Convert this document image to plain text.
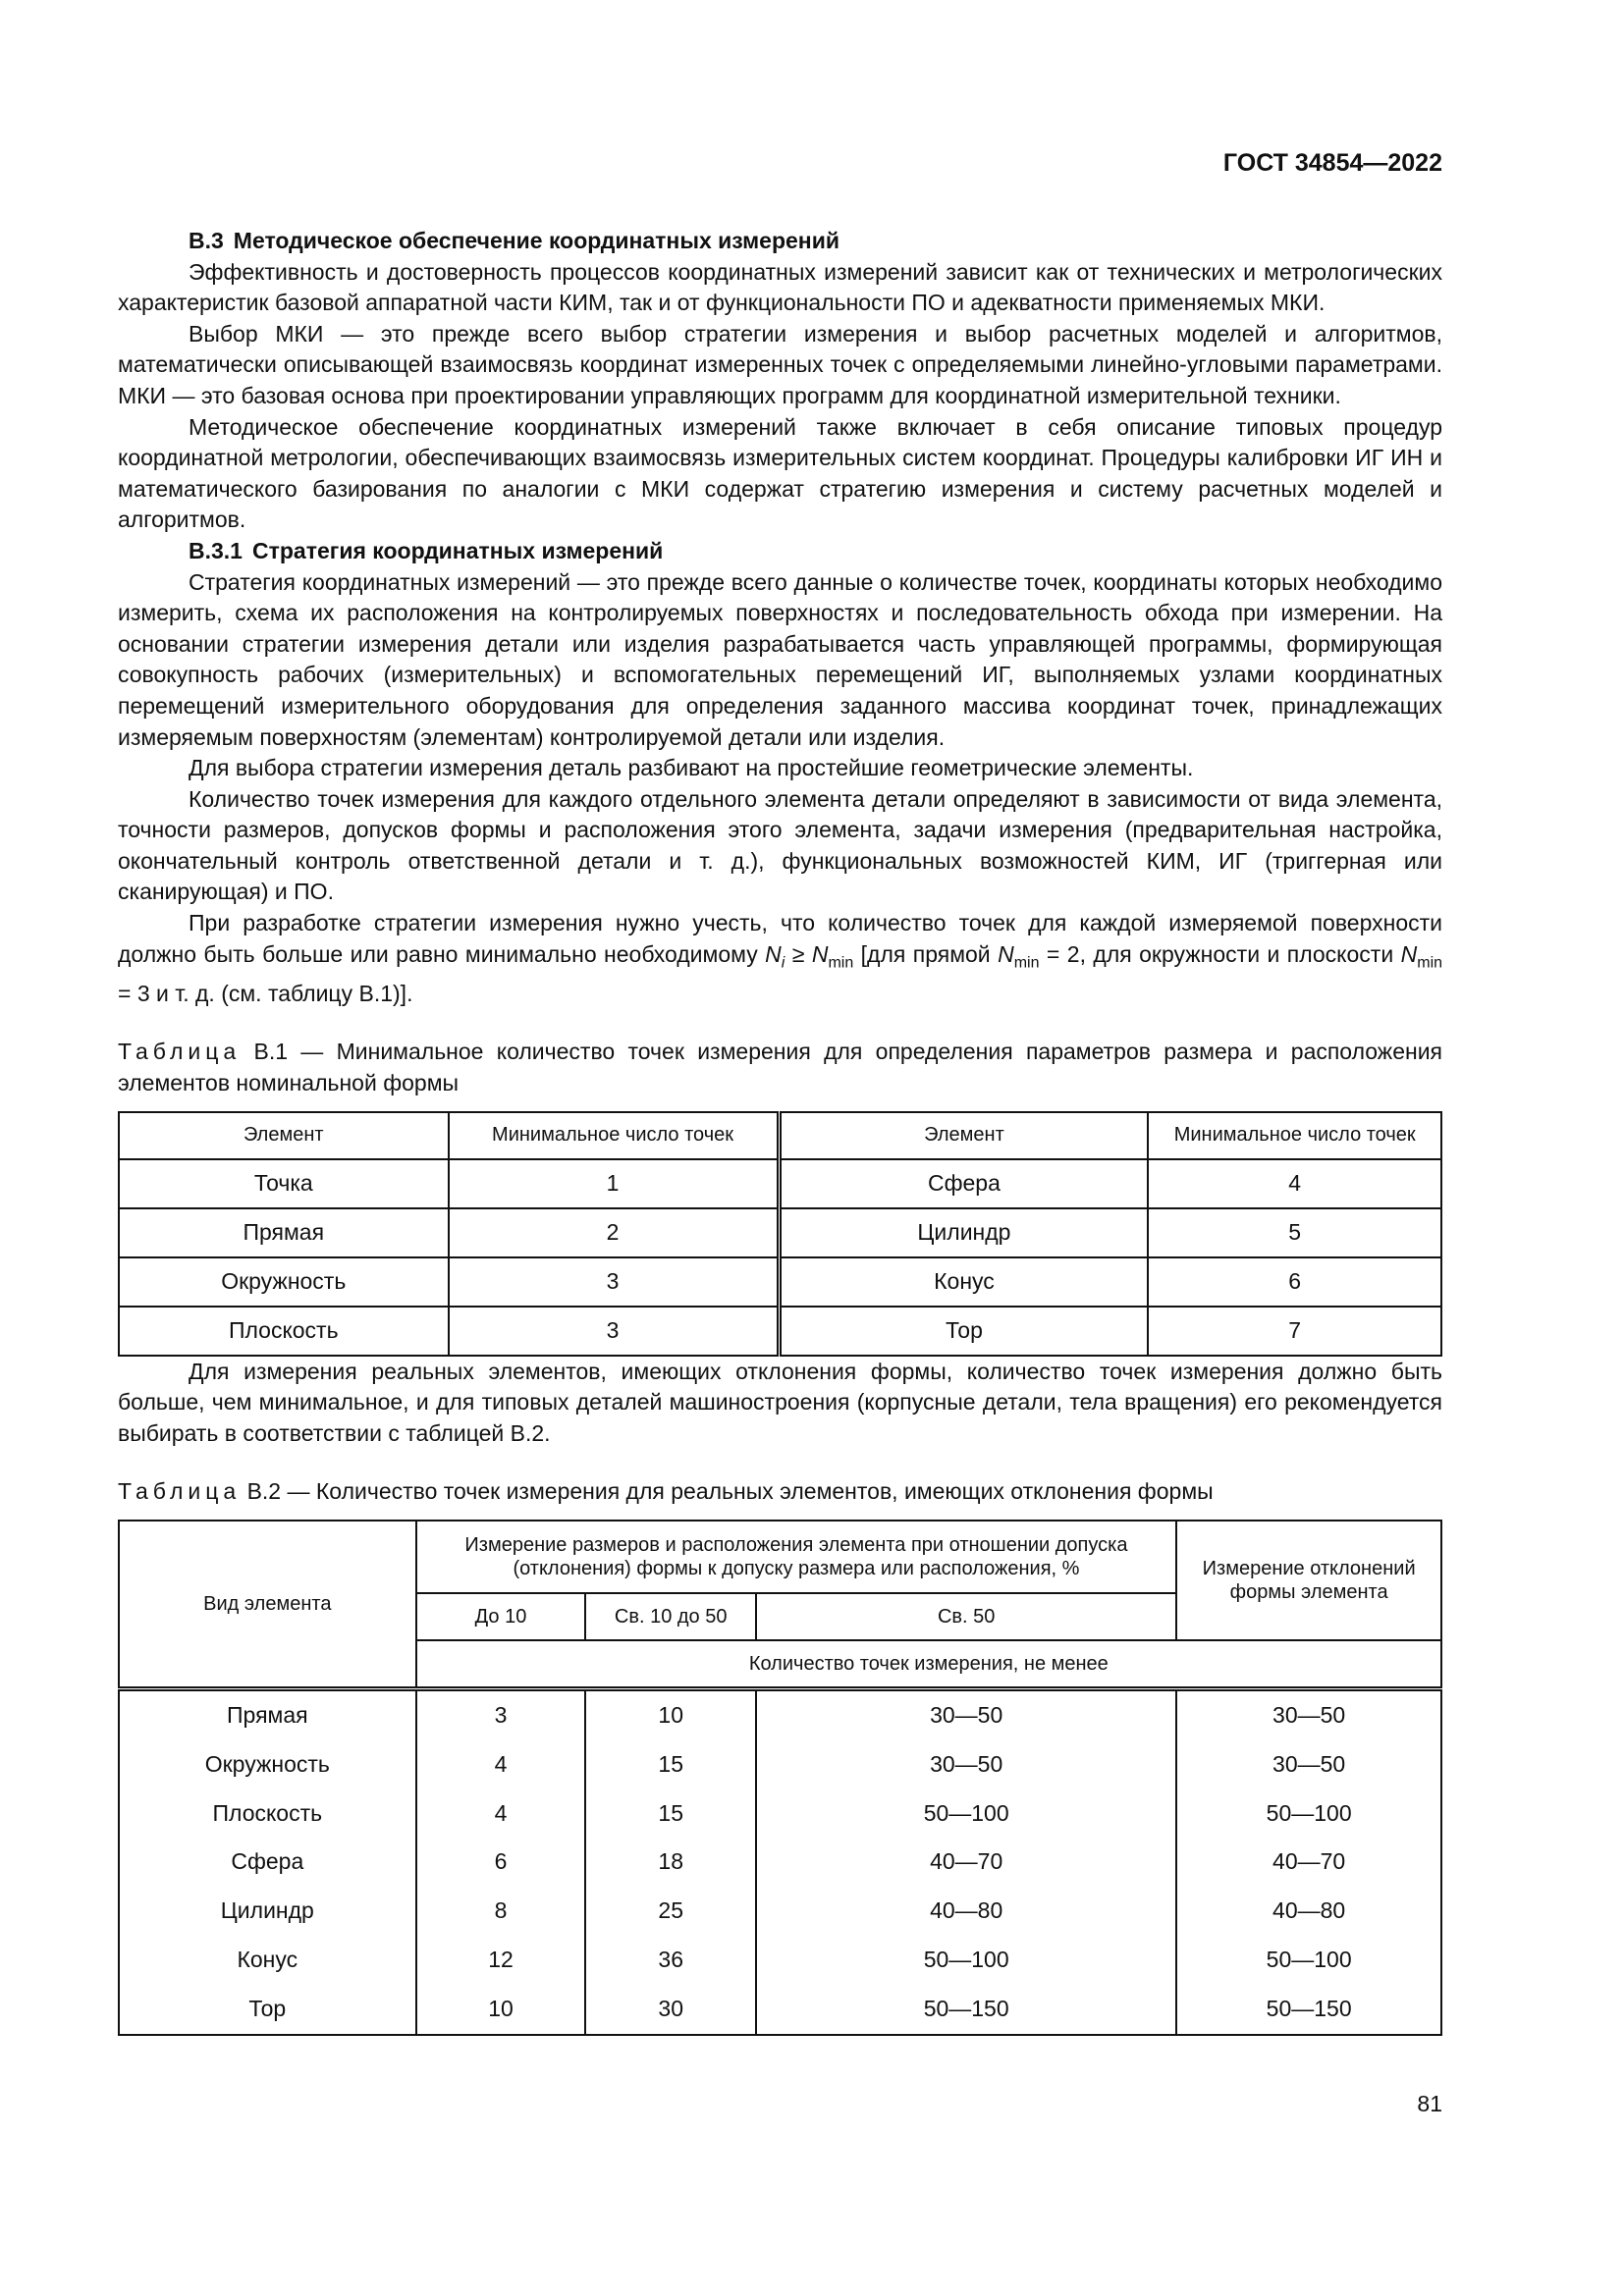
ГОСТ 34854—2022
В.3 Методическое обеспечение координатных измерений

Эффективность и достоверность процессов координатных измерений зависит как от технических и метрологических характеристик базовой аппаратной части КИМ, так и от функциональности ПО и адекватности применяемых МКИ.

Выбор МКИ — это прежде всего выбор стратегии измерения и выбор расчетных моделей и алгоритмов, математически описывающей взаимосвязь координат измеренных точек с определяемыми линейно-угловыми параметрами. МКИ — это базовая основа при проектировании управляющих программ для координатной измерительной техники.

Методическое обеспечение координатных измерений также включает в себя описание типовых процедур координатной метрологии, обеспечивающих взаимосвязь измерительных систем координат. Процедуры калибровки ИГ ИН и математического базирования по аналогии с МКИ содержат стратегию измерения и систему расчетных моделей и алгоритмов.

В.3.1 Стратегия координатных измерений

Стратегия координатных измерений — это прежде всего данные о количестве точек, координаты которых необходимо измерить, схема их расположения на контролируемых поверхностях и последовательность обхода при измерении. На основании стратегии измерения детали или изделия разрабатывается часть управляющей программы, формирующая совокупность рабочих (измерительных) и вспомогательных перемещений ИГ, выполняемых узлами координатных перемещений измерительного оборудования для определения заданного массива координат точек, принадлежащих измеряемым поверхностям (элементам) контролируемой детали или изделия.

Для выбора стратегии измерения деталь разбивают на простейшие геометрические элементы.

Количество точек измерения для каждого отдельного элемента детали определяют в зависимости от вида элемента, точности размеров, допусков формы и расположения этого элемента, задачи измерения (предварительная настройка, окончательный контроль ответственной детали и т. д.), функциональных возможностей КИМ, ИГ (триггерная или сканирующая) и ПО.

При разработке стратегии измерения нужно учесть, что количество точек для каждой измеряемой поверхности должно быть больше или равно минимально необходимому $N_i \ge N_{min}$ [для прямой $N_{min} = 2$, для окружности и плоскости $N_{min} = 3$ и т. д. (см. таблицу В.1)].

Таблица В.1 — Минимальное количество точек измерения для определения параметров размера и расположения элементов номинальной формы
Элемент	Минимальное число точек	Элемент	Минимальное число точек
Точка	1	Сфера	4
Прямая	2	Цилиндр	5
Окружность	3	Конус	6
Плоскость	3	Тор	7

Для измерения реальных элементов, имеющих отклонения формы, количество точек измерения должно быть больше, чем минимальное, и для типовых деталей машиностроения (корпусные детали, тела вращения) его рекомендуется выбирать в соответствии с таблицей В.2.

Таблица В.2 — Количество точек измерения для реальных элементов, имеющих отклонения формы
Вид элемента	Измерение размеров и расположения элемента при отношении допуска (отклонения) формы к допуску размера или расположения, %			Измерение отклонений формы элемента
	До 10	Св. 10 до 50	Св. 50	
	Количество точек измерения, не менее			
Прямая	3	10	30—50	30—50
Окружность	4	15	30—50	30—50
Плоскость	4	15	50—100	50—100
Сфера	6	18	40—70	40—70
Цилиндр	8	25	40—80	40—80
Конус	12	36	50—100	50—100
Тор	10	30	50—150	50—150
81
